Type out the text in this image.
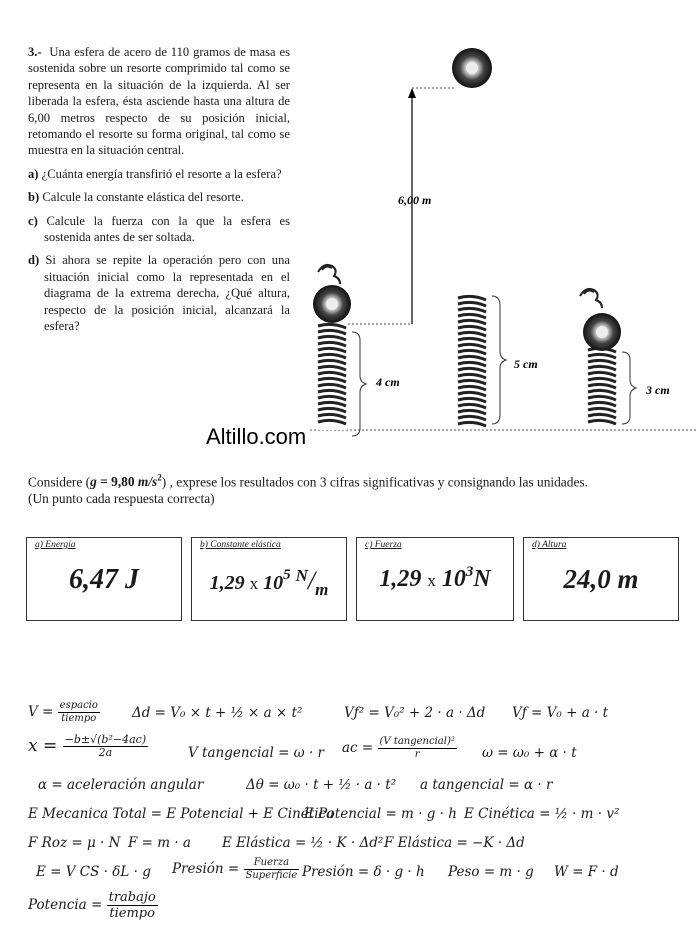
3.- Una esfera de acero de 110 gramos de masa es sostenida sobre un resorte comprimido tal como se representa en la situación de la izquierda. Al ser liberada la esfera, ésta asciende hasta una altura de 6,00 metros respecto de su posición inicial, retomando el resorte su forma original, tal como se muestra en la situación central.

a) ¿Cuánta energía transfirió el resorte a la esfera?

b) Calcule la constante elástica del resorte.

c) Calcule la fuerza con la que la esfera es sostenida antes de ser soltada.

d) Si ahora se repite la operación pero con una situación inicial como la representada en el diagrama de la extrema derecha, ¿Qué altura, respecto de la posición inicial, alcanzará la esfera?

6,00 m
4 cm
5 cm
3 cm
Altillo.com
Considere (g = 9,80 $m/s^2$) , exprese los resultados con 3 cifras significativas y consignando las unidades.
(Un punto cada respuesta correcta)
a) Energía
6,47 J
b) Constante elástica
1,29 x $10^5$ $^N/_m$
c) Fuerza
1,29 x $10^3N$
d) Altura
24,0 m
$V = \frac{\text{espacio}}{\text{tiempo}}$ Δd = V₀ × t + ½ × a × t²	Vƒ² = V₀² + 2 · a · Δd Vƒ = V₀ + a · t
$x = \frac{\text{−b±√(b²−4ac)}}{2a}$	V tangencial = ω · r ac = $\frac{\text{(V tangencial)²}}{r}$ ω = ω₀ + α · t
α = aceleración angular	Δθ = ω₀ · t + ½ · a · t² a tangencial = α · r
E Mecanica Total = E Potencial + E Cinética
E Potencial = m · g · h E Cinética = ½ · m · v²
F Roz = μ · N F = m · a E Elástica = ½ · K · Δd² F Elástica = −K · Δd
E = V CS · δL · g Presión = $\frac{\text{Fuerza}}{\text{Superficie}}$ Presión = δ · g · h Peso = m · g W = F · d
Potencia = $\frac{\text{trabajo}}{\text{tiempo}}$
